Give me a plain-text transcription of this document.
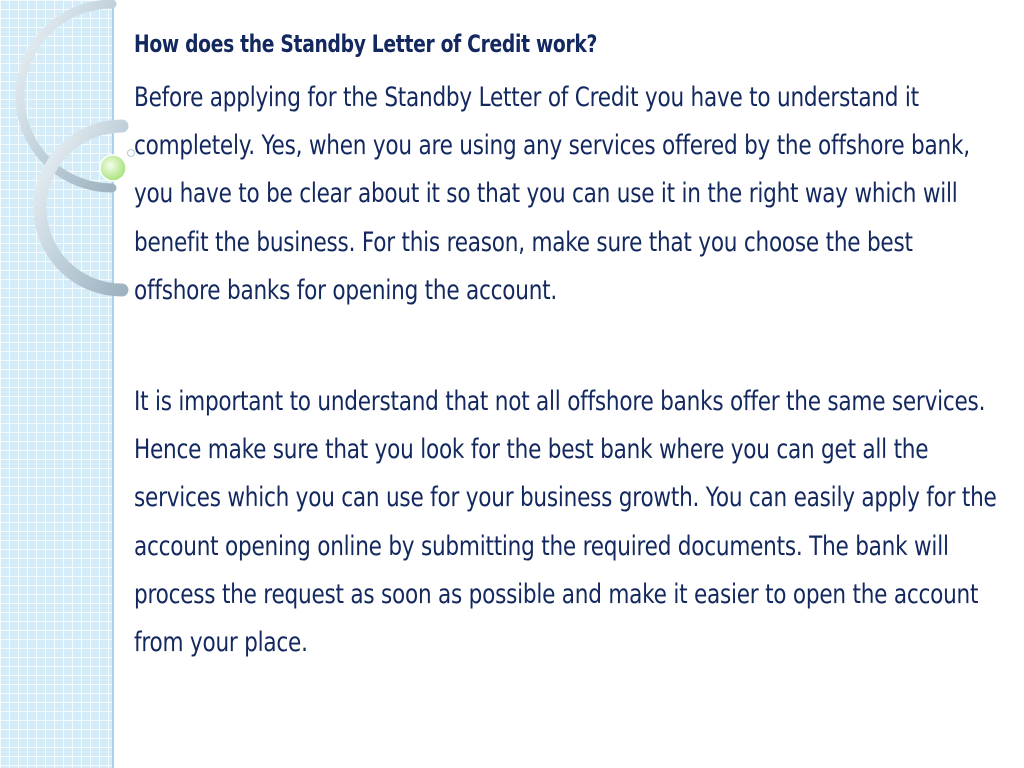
How does the Standby Letter of Credit work?

Before applying for the Standby Letter of Credit you have to understand it completely. Yes, when you are using any services offered by the offshore bank, you have to be clear about it so that you can use it in the right way which will benefit the business. For this reason, make sure that you choose the best offshore banks for opening the account.

It is important to understand that not all offshore banks offer the same services. Hence make sure that you look for the best bank where you can get all the services which you can use for your business growth. You can easily apply for the account opening online by submitting the required documents. The bank will process the request as soon as possible and make it easier to open the account from your place.
